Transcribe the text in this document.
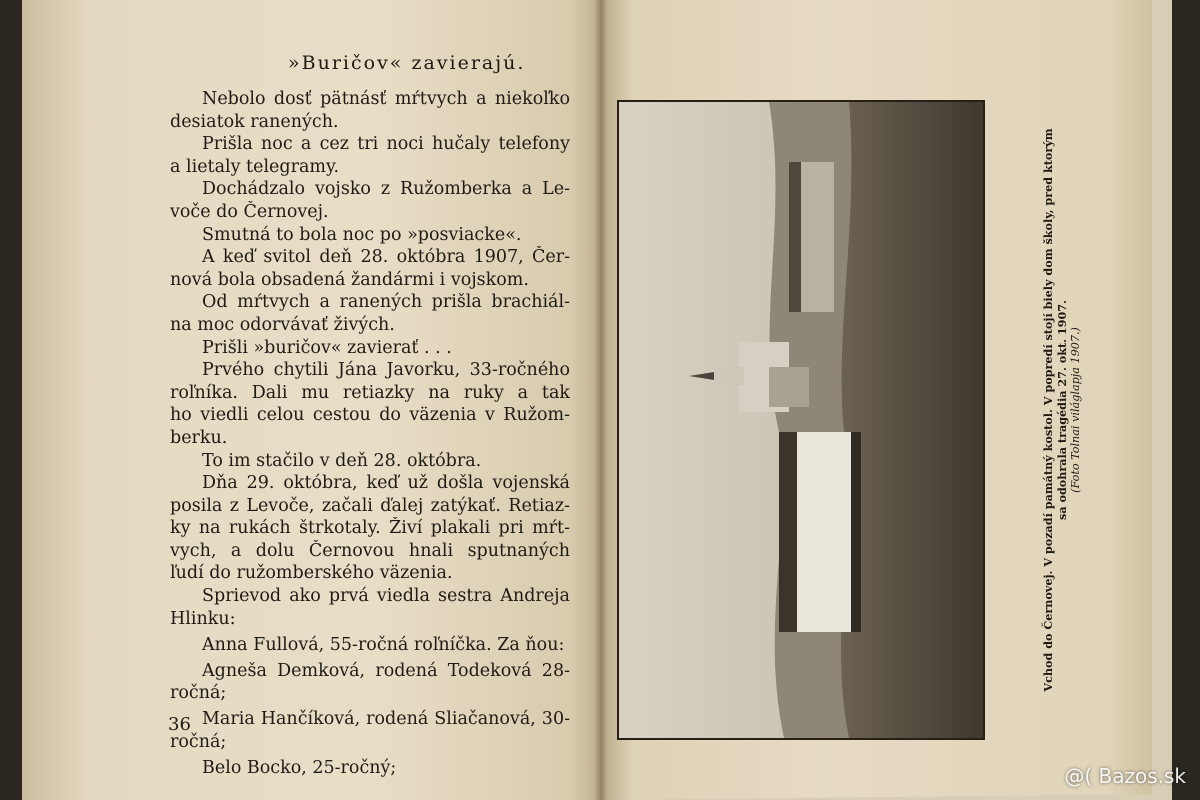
»Buričov« zavierajú.
Nebolo dosť pätnásť mŕtvych a niekoľko
desiatok ranených.
Prišla noc a cez tri noci hučaly telefony
a lietaly telegramy.
Dochádzalo vojsko z Ružomberka a Le-
voče do Černovej.
Smutná to bola noc po »posviacke«.
A keď svitol deň 28. októbra 1907, Čer-
nová bola obsadená žandármi i vojskom.
Od mŕtvych a ranených prišla brachiál-
na moc odorvávať živých.
Prišli »buričov« zavierať . . .
Prvého chytili Jána Javorku, 33-ročného
roľníka. Dali mu retiazky na ruky a tak
ho viedli celou cestou do väzenia v Ružom-
berku.
To im stačilo v deň 28. októbra.
Dňa 29. októbra, keď už došla vojenská
posila z Levoče, začali ďalej zatýkať. Retiaz-
ky na rukách štrkotaly. Živí plakali pri mŕt-
vych, a dolu Černovou hnali sputnaných
ľudí do ružomberského väzenia.
Sprievod ako prvá viedla sestra Andreja
Hlinku:
Anna Fullová, 55-ročná roľníčka. Za ňou:
Agneša Demková, rodená Todeková 28-
ročná;
Maria Hančíková, rodená Sliačanová, 30-
ročná;
Belo Bocko, 25-ročný;
36
Vchod do Černovej. V pozadí památný kostol. V popredí stojí biely dom školy, pred ktorým sa odohrala tragédia 27. okt. 1907. (Foto Tolnai világlapja 1907.)
@( Bazos.sk
